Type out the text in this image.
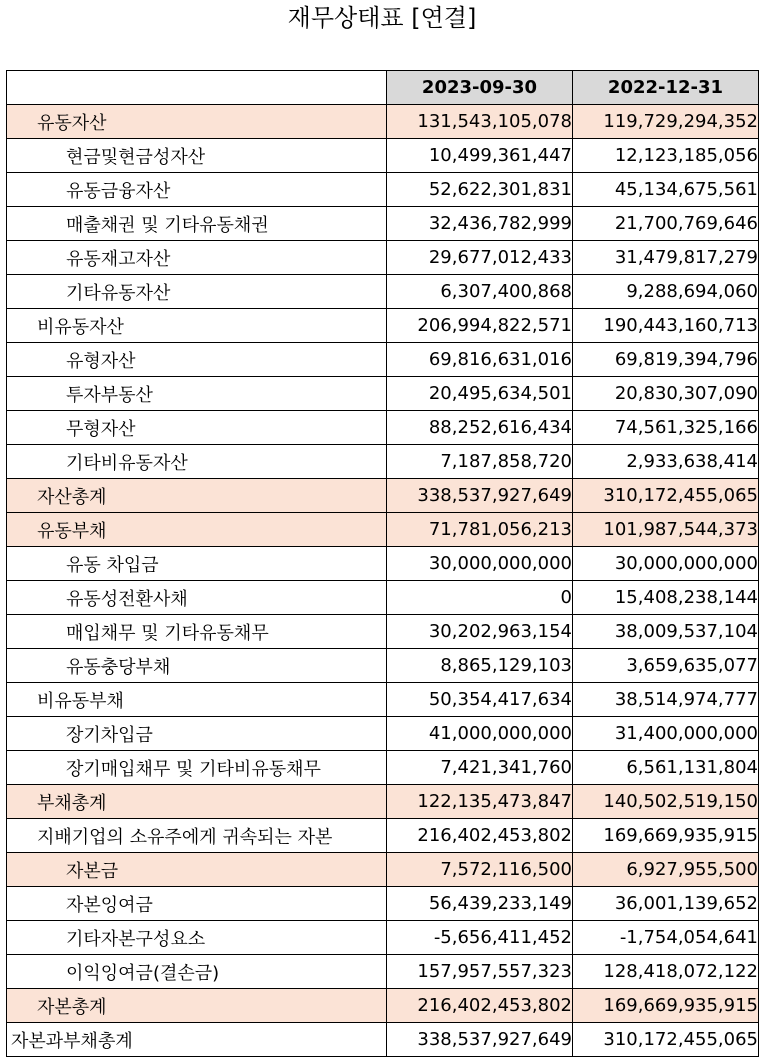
재무상태표 [연결]
	2023-09-30	2022-12-31
유동자산	131,543,105,078	119,729,294,352
현금및현금성자산	10,499,361,447	12,123,185,056
유동금융자산	52,622,301,831	45,134,675,561
매출채권 및 기타유동채권	32,436,782,999	21,700,769,646
유동재고자산	29,677,012,433	31,479,817,279
기타유동자산	6,307,400,868	9,288,694,060
비유동자산	206,994,822,571	190,443,160,713
유형자산	69,816,631,016	69,819,394,796
투자부동산	20,495,634,501	20,830,307,090
무형자산	88,252,616,434	74,561,325,166
기타비유동자산	7,187,858,720	2,933,638,414
자산총계	338,537,927,649	310,172,455,065
유동부채	71,781,056,213	101,987,544,373
유동 차입금	30,000,000,000	30,000,000,000
유동성전환사채	0	15,408,238,144
매입채무 및 기타유동채무	30,202,963,154	38,009,537,104
유동충당부채	8,865,129,103	3,659,635,077
비유동부채	50,354,417,634	38,514,974,777
장기차입금	41,000,000,000	31,400,000,000
장기매입채무 및 기타비유동채무	7,421,341,760	6,561,131,804
부채총계	122,135,473,847	140,502,519,150
지배기업의 소유주에게 귀속되는 자본	216,402,453,802	169,669,935,915
자본금	7,572,116,500	6,927,955,500
자본잉여금	56,439,233,149	36,001,139,652
기타자본구성요소	-5,656,411,452	-1,754,054,641
이익잉여금(결손금)	157,957,557,323	128,418,072,122
자본총계	216,402,453,802	169,669,935,915
자본과부채총계	338,537,927,649	310,172,455,065
